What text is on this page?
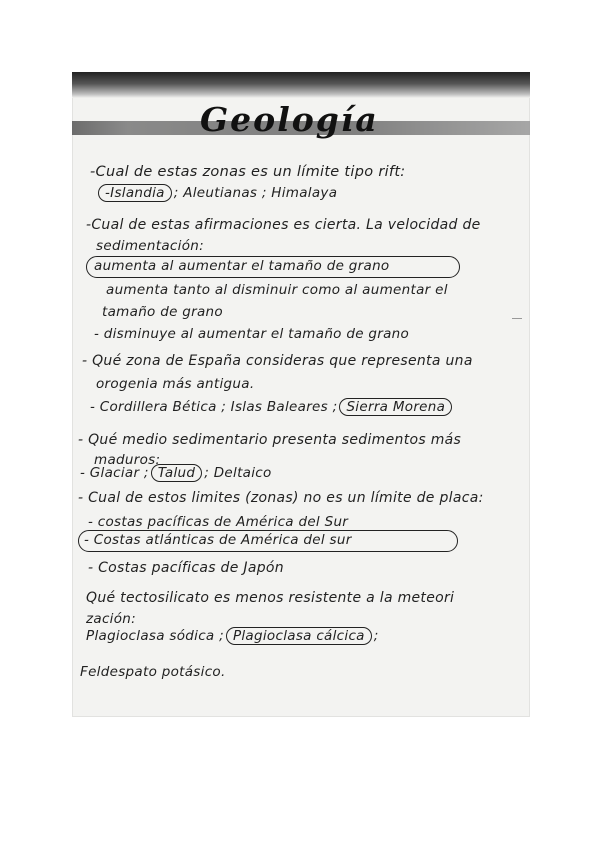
Geología
-Cual de estas zonas es un límite tipo rift:
-Islandia ; Aleutianas ; Himalaya
-Cual de estas afirmaciones es cierta. La velocidad de
sedimentación:
aumenta al aumentar el tamaño de grano
aumenta tanto al disminuir como al aumentar el
tamaño de grano
- disminuye al aumentar el tamaño de grano
- Qué zona de España consideras que representa una
orogenia más antigua.
- Cordillera Bética ; Islas Baleares ; Sierra Morena
- Qué medio sedimentario presenta sedimentos más
maduros:
- Glaciar ; Talud ; Deltaico
- Cual de estos limites (zonas) no es un límite de placa:
- costas pacíficas de América del Sur
- Costas atlánticas de América del sur
- Costas pacíficas de Japón
Qué tectosilicato es menos resistente a la meteori
zación:
Plagioclasa sódica ; Plagioclasa cálcica ;
Feldespato potásico.
